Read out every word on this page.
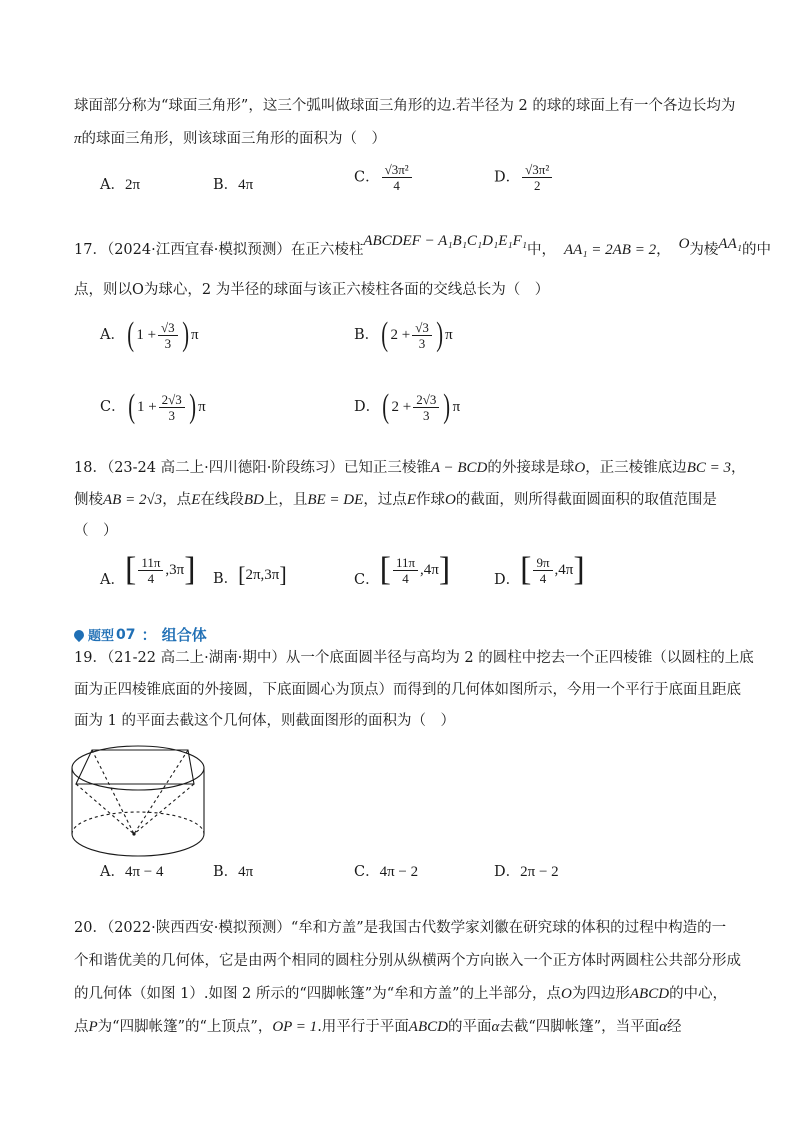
球面部分称为“球面三角形”，这三个弧叫做球面三角形的边.若半径为 2 的球的球面上有一个各边长均为
π的球面三角形，则该球面三角形的面积为（　）
A．2π	B．4π	C． $\frac{\text{√3π²}}{4}$	D． $\frac{\text{√3π²}}{2}$
17．（2024·江西宜春·模拟预测）在正六棱柱ABCDEF − A₁B₁C₁D₁E₁F₁中， AA₁ = 2AB = 2， O为棱AA₁的中
点，则以O为球心，2 为半径的球面与该正六棱柱各面的交线总长为（　）
A． ( $1 + \frac{√3}{3}$ ) π	B． ( $2 + \frac{√3}{3}$ ) π
C． ( $1 + \frac{2√3}{3}$ ) π	D． ( $2 + \frac{2√3}{3}$ ) π
18．（23-24 高二上·四川德阳·阶段练习）已知正三棱锥A − BCD的外接球是球O，正三棱锥底边BC = 3，
侧棱AB = 2√3，点E在线段BD上，且BE = DE，过点E作球O的截面，则所得截面圆面积的取值范围是
（　）
A． [ $\frac{11\pi}{4} ,3\pi$ ] B． [ 2π,3π ]	C． [ $\frac{11\pi}{4} ,4\pi$ ]	D． [ $\frac{9\pi}{4} ,4\pi$ ]
题型 07 ： 组合体
19．（21-22 高二上·湖南·期中）从一个底面圆半径与高均为 2 的圆柱中挖去一个正四棱锥（以圆柱的上底
面为正四棱锥底面的外接圆，下底面圆心为顶点）而得到的几何体如图所示，今用一个平行于底面且距底
面为 1 的平面去截这个几何体，则截面图形的面积为（　）
A．4π − 4	B．4π	C．4π − 2	D．2π − 2
20．（2022·陕西西安·模拟预测）“牟和方盖”是我国古代数学家刘徽在研究球的体积的过程中构造的一
个和谐优美的几何体，它是由两个相同的圆柱分别从纵横两个方向嵌入一个正方体时两圆柱公共部分形成
的几何体（如图 1）.如图 2 所示的“四脚帐篷”为“牟和方盖”的上半部分，点O为四边形ABCD的中心，
点P为“四脚帐篷”的“上顶点”，OP = 1.用平行于平面ABCD的平面α去截“四脚帐篷”，当平面α经
